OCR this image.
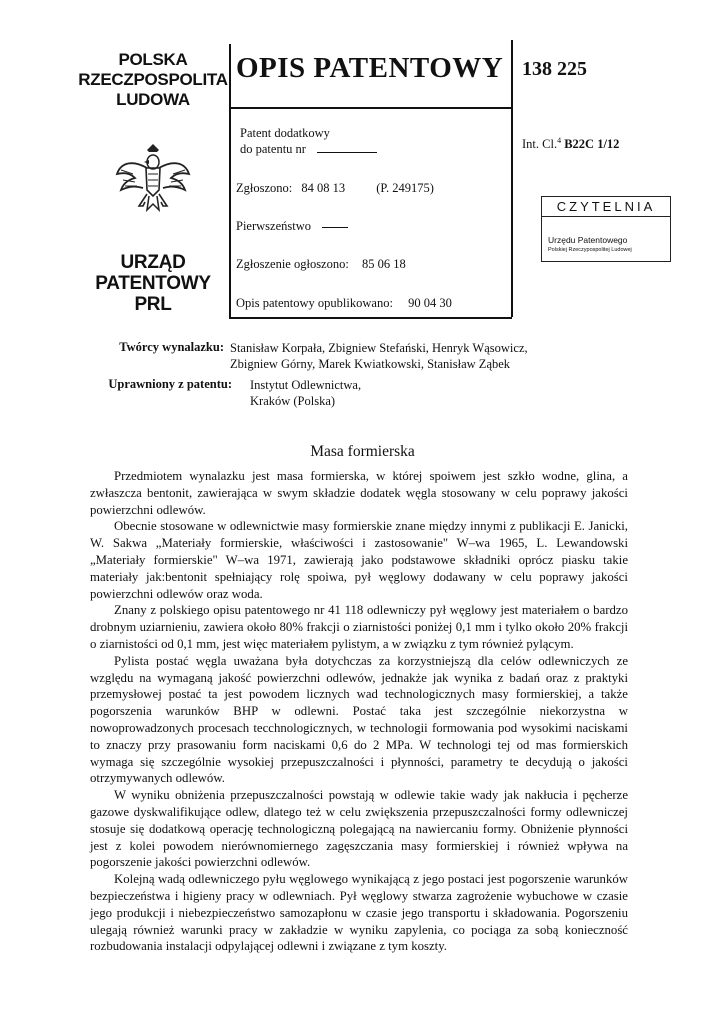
POLSKA
RZECZPOSPOLITA
LUDOWA
URZĄD
PATENTOWY
PRL
OPIS PATENTOWY 138 225
Patent dodatkowy
do patentu nr
Zgłoszono: 84 08 13 (P. 249175)
Pierwszeństwo
Zgłoszenie ogłoszono: 85 06 18
Opis patentowy opublikowano: 90 04 30
Int. Cl.$^4$ B22C 1/12
CZYTELNIA
Urzędu Patentowego
Polskiej Rzeczypospolitej Ludowej
Twórcy wynalazku: Stanisław Korpała, Zbigniew Stefański, Henryk Wąsowicz,
Zbigniew Górny, Marek Kwiatkowski, Stanisław Ząbek
Uprawniony z patentu: Instytut Odlewnictwa,
Kraków (Polska)
Masa formierska

Przedmiotem wynalazku jest masa formierska, w której spoiwem jest szkło wodne, glina, a zwłaszcza bentonit, zawierająca w swym składzie dodatek węgla stosowany w celu poprawy jakości powierzchni odlewów.

Obecnie stosowane w odlewnictwie masy formierskie znane między innymi z publikacji E. Janicki, W. Sakwa „Materiały formierskie, właściwości i zastosowanie" W–wa 1965, L. Lewandowski „Materiały formierskie" W–wa 1971, zawierają jako podstawowe składniki oprócz piasku takie materiały jak:bentonit spełniający rolę spoiwa, pył węglowy dodawany w celu poprawy jakości powierzchni odlewów oraz woda.

Znany z polskiego opisu patentowego nr 41 118 odlewniczy pył węglowy jest materiałem o bardzo drobnym uziarnieniu, zawiera około 80% frakcji o ziarnistości poniżej 0,1 mm i tylko około 20% frakcji o ziarnistości od 0,1 mm, jest więc materiałem pylistym, a w związku z tym również pylącym.

Pylista postać węgla uważana była dotychczas za korzystniejszą dla celów odlewniczych ze względu na wymaganą jakość powierzchni odlewów, jednakże jak wynika z badań oraz z praktyki przemysłowej postać ta jest powodem licznych wad technologicznych masy formierskiej, a także pogorszenia warunków BHP w odlewni. Postać taka jest szczególnie niekorzystna w nowoprowadzonych procesach tecchnologicznych, w technologii formowania pod wysokimi naciskami to znaczy przy prasowaniu form naciskami 0,6 do 2 MPa. W technologi tej od mas formierskich wymaga się szczególnie wysokiej przepuszczalności i płynności, parametry te decydują o jakości otrzymywanych odlewów.

W wyniku obniżenia przepuszczalności powstają w odlewie takie wady jak nakłucia i pęcherze gazowe dyskwalifikujące odlew, dlatego też w celu zwiększenia przepuszczalności formy odlewniczej stosuje się dodatkową operację technologiczną polegającą na nawiercaniu formy. Obniżenie płynności jest z kolei powodem nierównomiernego zagęszczania masy formierskiej i również wpływa na pogorszenie jakości powierzchni odlewów.

Kolejną wadą odlewniczego pyłu węglowego wynikającą z jego postaci jest pogorszenie warunków bezpieczeństwa i higieny pracy w odlewniach. Pył węglowy stwarza zagrożenie wybuchowe w czasie jego produkcji i niebezpieczeństwo samozapłonu w czasie jego transportu i składowania. Pogorszeniu ulegają również warunki pracy w zakładzie w wyniku zapylenia, co pociąga za sobą konieczność rozbudowania instalacji odpylającej odlewni i związane z tym koszty.
